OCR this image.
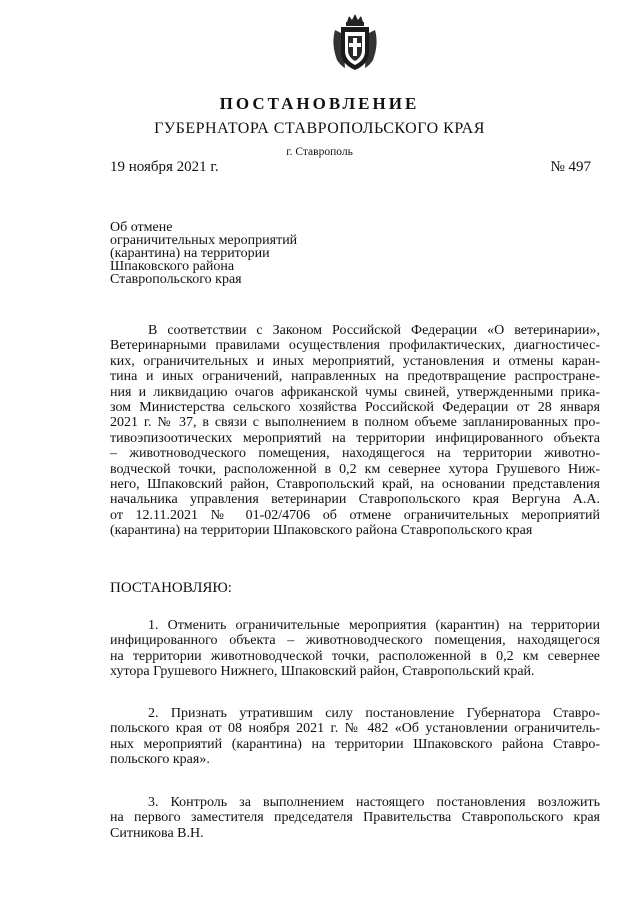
ПОСТАНОВЛЕНИЕ
ГУБЕРНАТОРА СТАВРОПОЛЬСКОГО КРАЯ
г. Ставрополь
19 ноября 2021 г.	№ 497
Об отмене
ограничительных мероприятий
(карантина) на территории
Шпаковского района
Ставропольского края
В соответствии с Законом Российской Федерации «О ветеринарии»,
Ветеринарными правилами осуществления профилактических, диагностичес-
ких, ограничительных и иных мероприятий, установления и отмены каран-
тина и иных ограничений, направленных на предотвращение распростране-
ния и ликвидацию очагов африканской чумы свиней, утвержденными прика-
зом Министерства сельского хозяйства Российской Федерации от 28 января
2021 г. № 37, в связи с выполнением в полном объеме запланированных про-
тивоэпизоотических мероприятий на территории инфицированного объекта
– животноводческого помещения, находящегося на территории животно-
водческой точки, расположенной в 0,2 км севернее хутора Грушевого Ниж-
него, Шпаковский район, Ставропольский край, на основании представления
начальника управления ветеринарии Ставропольского края Вергуна А.А.
от 12.11.2021 № 01-02/4706 об отмене ограничительных мероприятий
(карантина) на территории Шпаковского района Ставропольского края
ПОСТАНОВЛЯЮ:
1. Отменить ограничительные мероприятия (карантин) на территории
инфицированного объекта – животноводческого помещения, находящегося
на территории животноводческой точки, расположенной в 0,2 км севернее
хутора Грушевого Нижнего, Шпаковский район, Ставропольский край.
2. Признать утратившим силу постановление Губернатора Ставро-
польского края от 08 ноября 2021 г. № 482 «Об установлении ограничитель-
ных мероприятий (карантина) на территории Шпаковского района Ставро-
польского края».
3. Контроль за выполнением настоящего постановления возложить
на первого заместителя председателя Правительства Ставропольского края
Ситникова В.Н.
